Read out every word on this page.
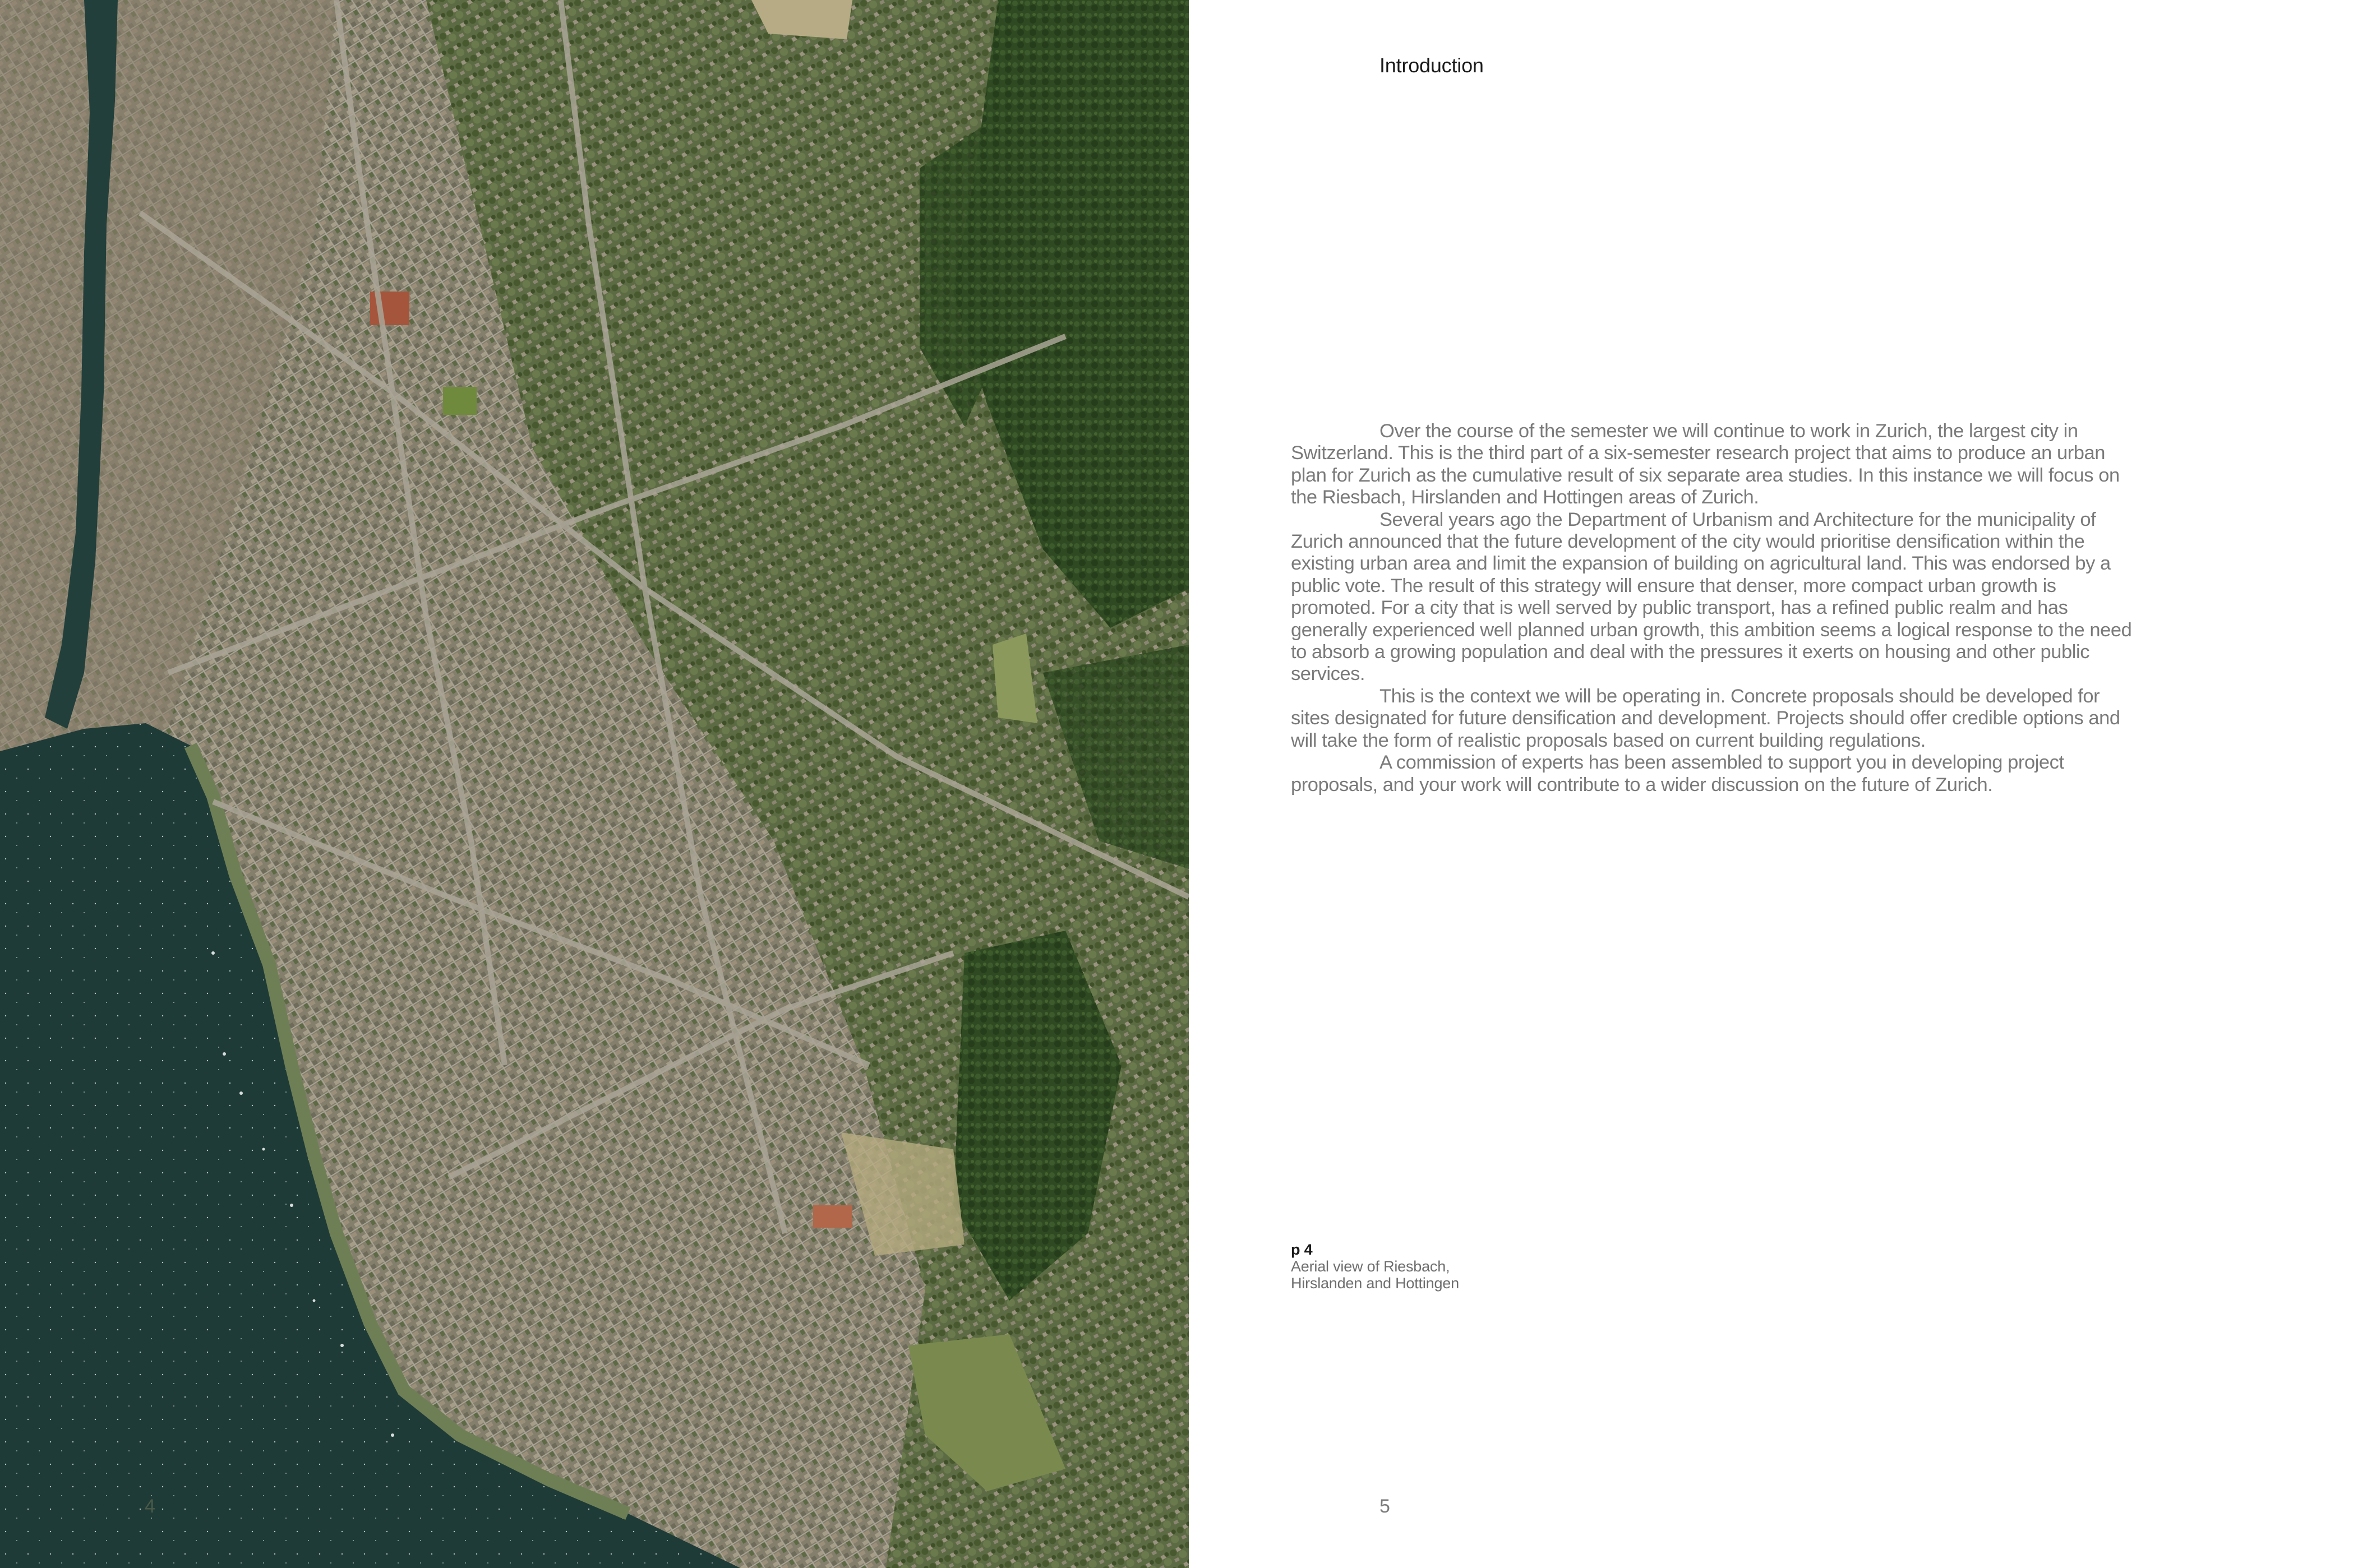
4
Introduction

Over the course of the semester we will continue to work in Zurich, the largest city in Switzerland. This is the third part of a six-semester research project that aims to produce an urban plan for Zurich as the cumulative result of six separate area studies. In this instance we will focus on the Riesbach, Hirslanden and Hottingen areas of Zurich.

Several years ago the Department of Urbanism and Architecture for the municipality of Zurich announced that the future development of the city would prioritise densification within the existing urban area and limit the expansion of building on agricultural land. This was endorsed by a public vote. The result of this strategy will ensure that denser, more compact urban growth is promoted. For a city that is well served by public transport, has a refined public realm and has generally experienced well planned urban growth, this ambition seems a logical response to the need to absorb a growing population and deal with the pressures it exerts on housing and other public services.

This is the context we will be operating in. Concrete proposals should be developed for sites designated for future densification and development. Projects should offer credible options and will take the form of realistic proposals based on current building regulations.

A commission of experts has been assembled to support you in developing project proposals, and your work will contribute to a wider discussion on the future of Zurich.

p 4
Aerial view of Riesbach, Hirslanden and Hottingen
5
